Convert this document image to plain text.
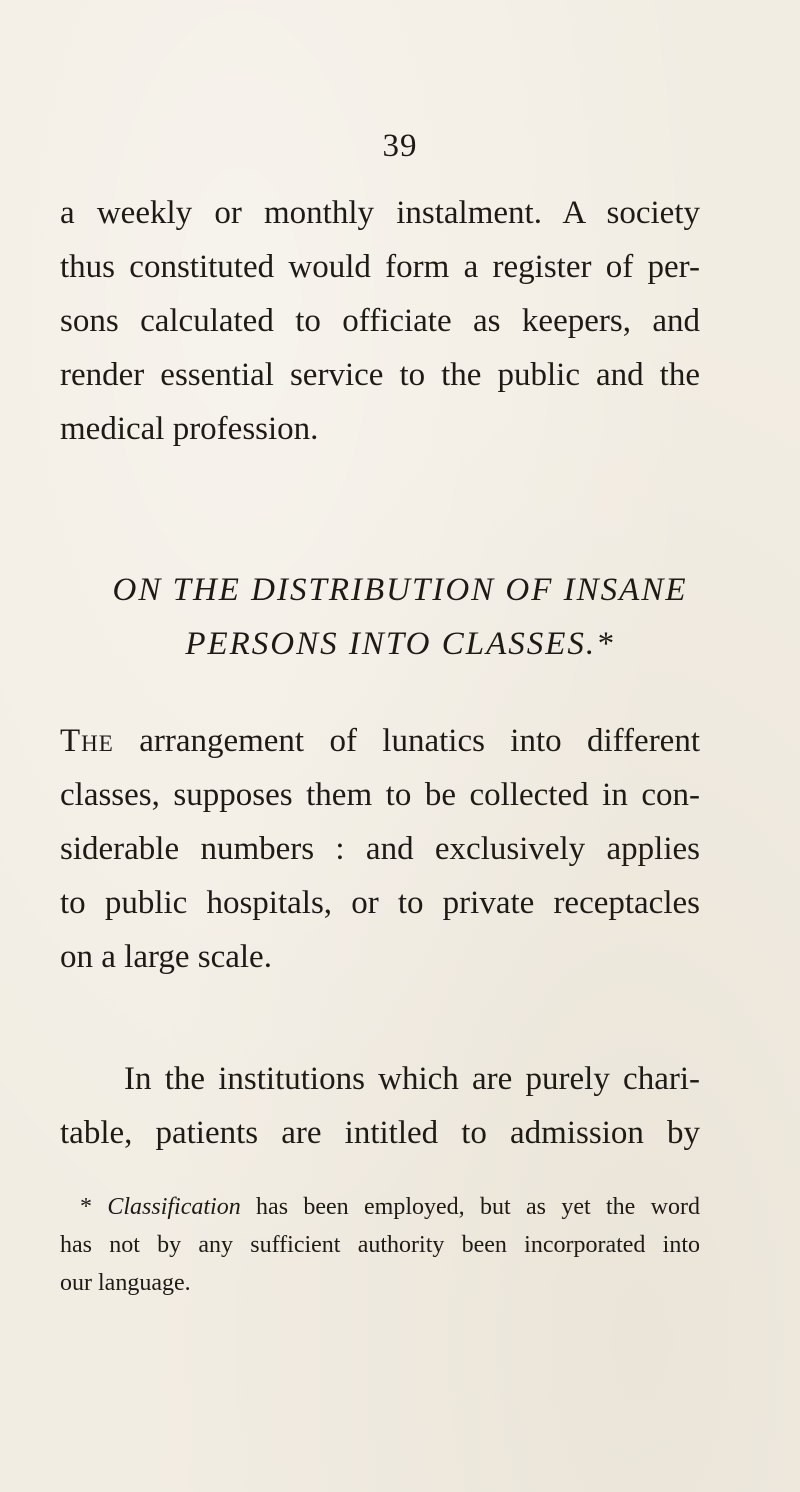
39
a weekly or monthly instalment. A society
thus constituted would form a register of per-
sons calculated to officiate as keepers, and
render essential service to the public and the
medical profession.
ON THE DISTRIBUTION OF INSANE
PERSONS INTO CLASSES.*
The arrangement of lunatics into different
classes, supposes them to be collected in con-
siderable numbers : and exclusively applies
to public hospitals, or to private receptacles
on a large scale.
In the institutions which are purely chari-
table, patients are intitled to admission by
* Classification has been employed, but as yet the word
has not by any sufficient authority been incorporated into
our language.
